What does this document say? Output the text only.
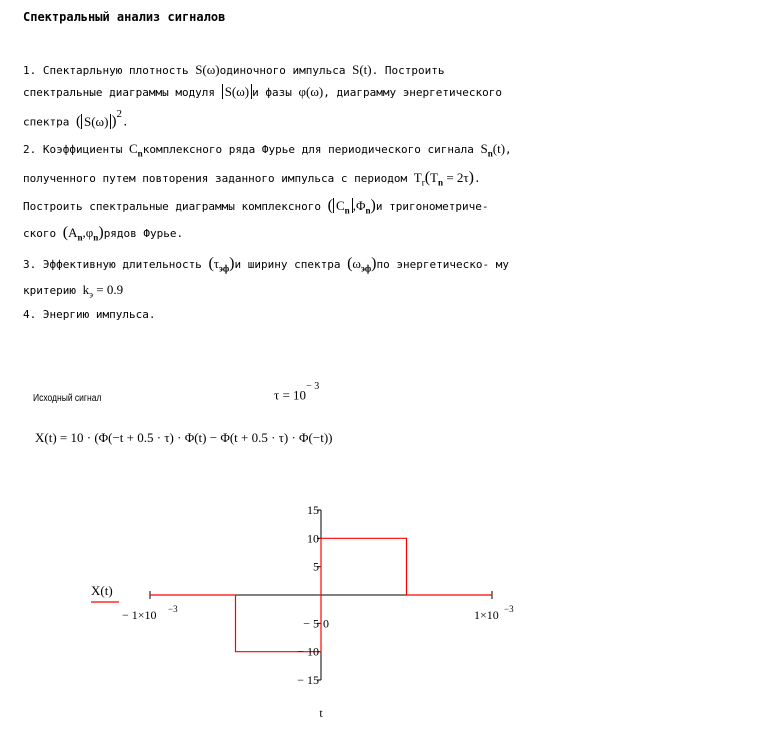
Спектральный анализ сигналов
1. Спектарльную плотность S(ω)одиночного импульса S(t). Построить
спектральные диаграммы модуля S(ω) и фазы φ(ω), диаграмму энергетического
спектра ( S(ω) )$^2$.
2. Коэффициенты $C_nкомплексного$ ряда Фурье для периодического сигнала $S_n(t)$,
полученного путем повторения заданного импульса с периодом $T_r(T_n = 2\tau)$.
Построить спектральные диаграммы комплексного ( $C_n$ $,\Phi_n)и$ тригонометриче-
ского $(A_n,\varphi_n)рядов$ Фурье.
3. Эффективную длительность $(\tau_{эф})и$ ширину спектра $(\omega_{эф})по$ энергетическо- му
критерию $k_э = 0.9$
4. Энергию импульса.
Исходный сигнал	$\tau = 10^{- 3}$
X(t) = 10 · (Φ(−t + 0.5 · τ) · Φ(t) − Φ(t + 0.5 · τ) · Φ(−t))
15
10
5
− 5
− 10
− 15
0
− 1×10 −3	1×10 −3
t
X(t)
